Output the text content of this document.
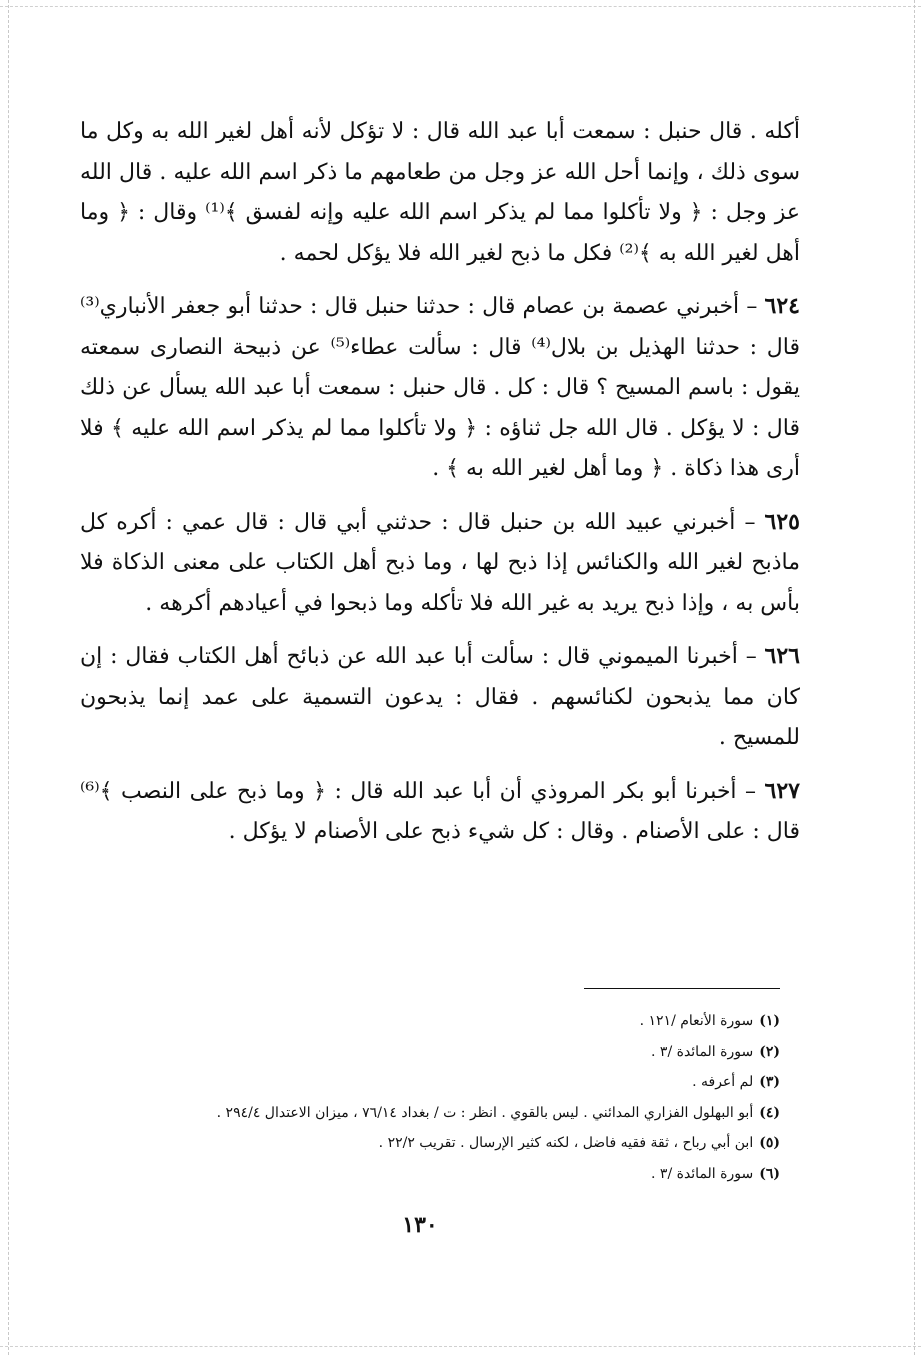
أكله . قال حنبل : سمعت أبا عبد الله قال : لا تؤكل لأنه أهل لغير الله به وكل ما سوى ذلك ، وإنما أحل الله عز وجل من طعامهم ما ذكر اسم الله عليه . قال الله عز وجل : ﴿ ولا تأكلوا مما لم يذكر اسم الله عليه وإنه لفسق ﴾⁽¹⁾ وقال : ﴿ وما أهل لغير الله به ﴾⁽²⁾ فكل ما ذبح لغير الله فلا يؤكل لحمه .

٦٢٤ – أخبرني عصمة بن عصام قال : حدثنا حنبل قال : حدثنا أبو جعفر الأنباري⁽³⁾ قال : حدثنا الهذيل بن بلال⁽⁴⁾ قال : سألت عطاء⁽⁵⁾ عن ذبيحة النصارى سمعته يقول : باسم المسيح ؟ قال : كل . قال حنبل : سمعت أبا عبد الله يسأل عن ذلك قال : لا يؤكل . قال الله جل ثناؤه : ﴿ ولا تأكلوا مما لم يذكر اسم الله عليه ﴾ فلا أرى هذا ذكاة . ﴿ وما أهل لغير الله به ﴾ .

٦٢٥ – أخبرني عبيد الله بن حنبل قال : حدثني أبي قال : قال عمي : أكره كل ماذبح لغير الله والكنائس إذا ذبح لها ، وما ذبح أهل الكتاب على معنى الذكاة فلا بأس به ، وإذا ذبح يريد به غير الله فلا تأكله وما ذبحوا في أعيادهم أكرهه .

٦٢٦ – أخبرنا الميموني قال : سألت أبا عبد الله عن ذبائح أهل الكتاب فقال : إن كان مما يذبحون لكنائسهم . فقال : يدعون التسمية على عمد إنما يذبحون للمسيح .

٦٢٧ – أخبرنا أبو بكر المروذي أن أبا عبد الله قال : ﴿ وما ذبح على النصب ﴾⁽⁶⁾ قال : على الأصنام . وقال : كل شيء ذبح على الأصنام لا يؤكل .

(١)سورة الأنعام /١٢١ .
(٢)سورة المائدة /٣ .
(٣)لم أعرفه .
(٤)أبو البهلول الفزاري المدائني . ليس بالقوي . انظر : ت / بغداد ٧٦/١٤ ، ميزان الاعتدال ٢٩٤/٤ .
(٥)ابن أبي رباح ، ثقة فقيه فاضل ، لكنه كثير الإرسال . تقريب ٢٢/٢ .
(٦)سورة المائدة /٣ .
١٣٠
